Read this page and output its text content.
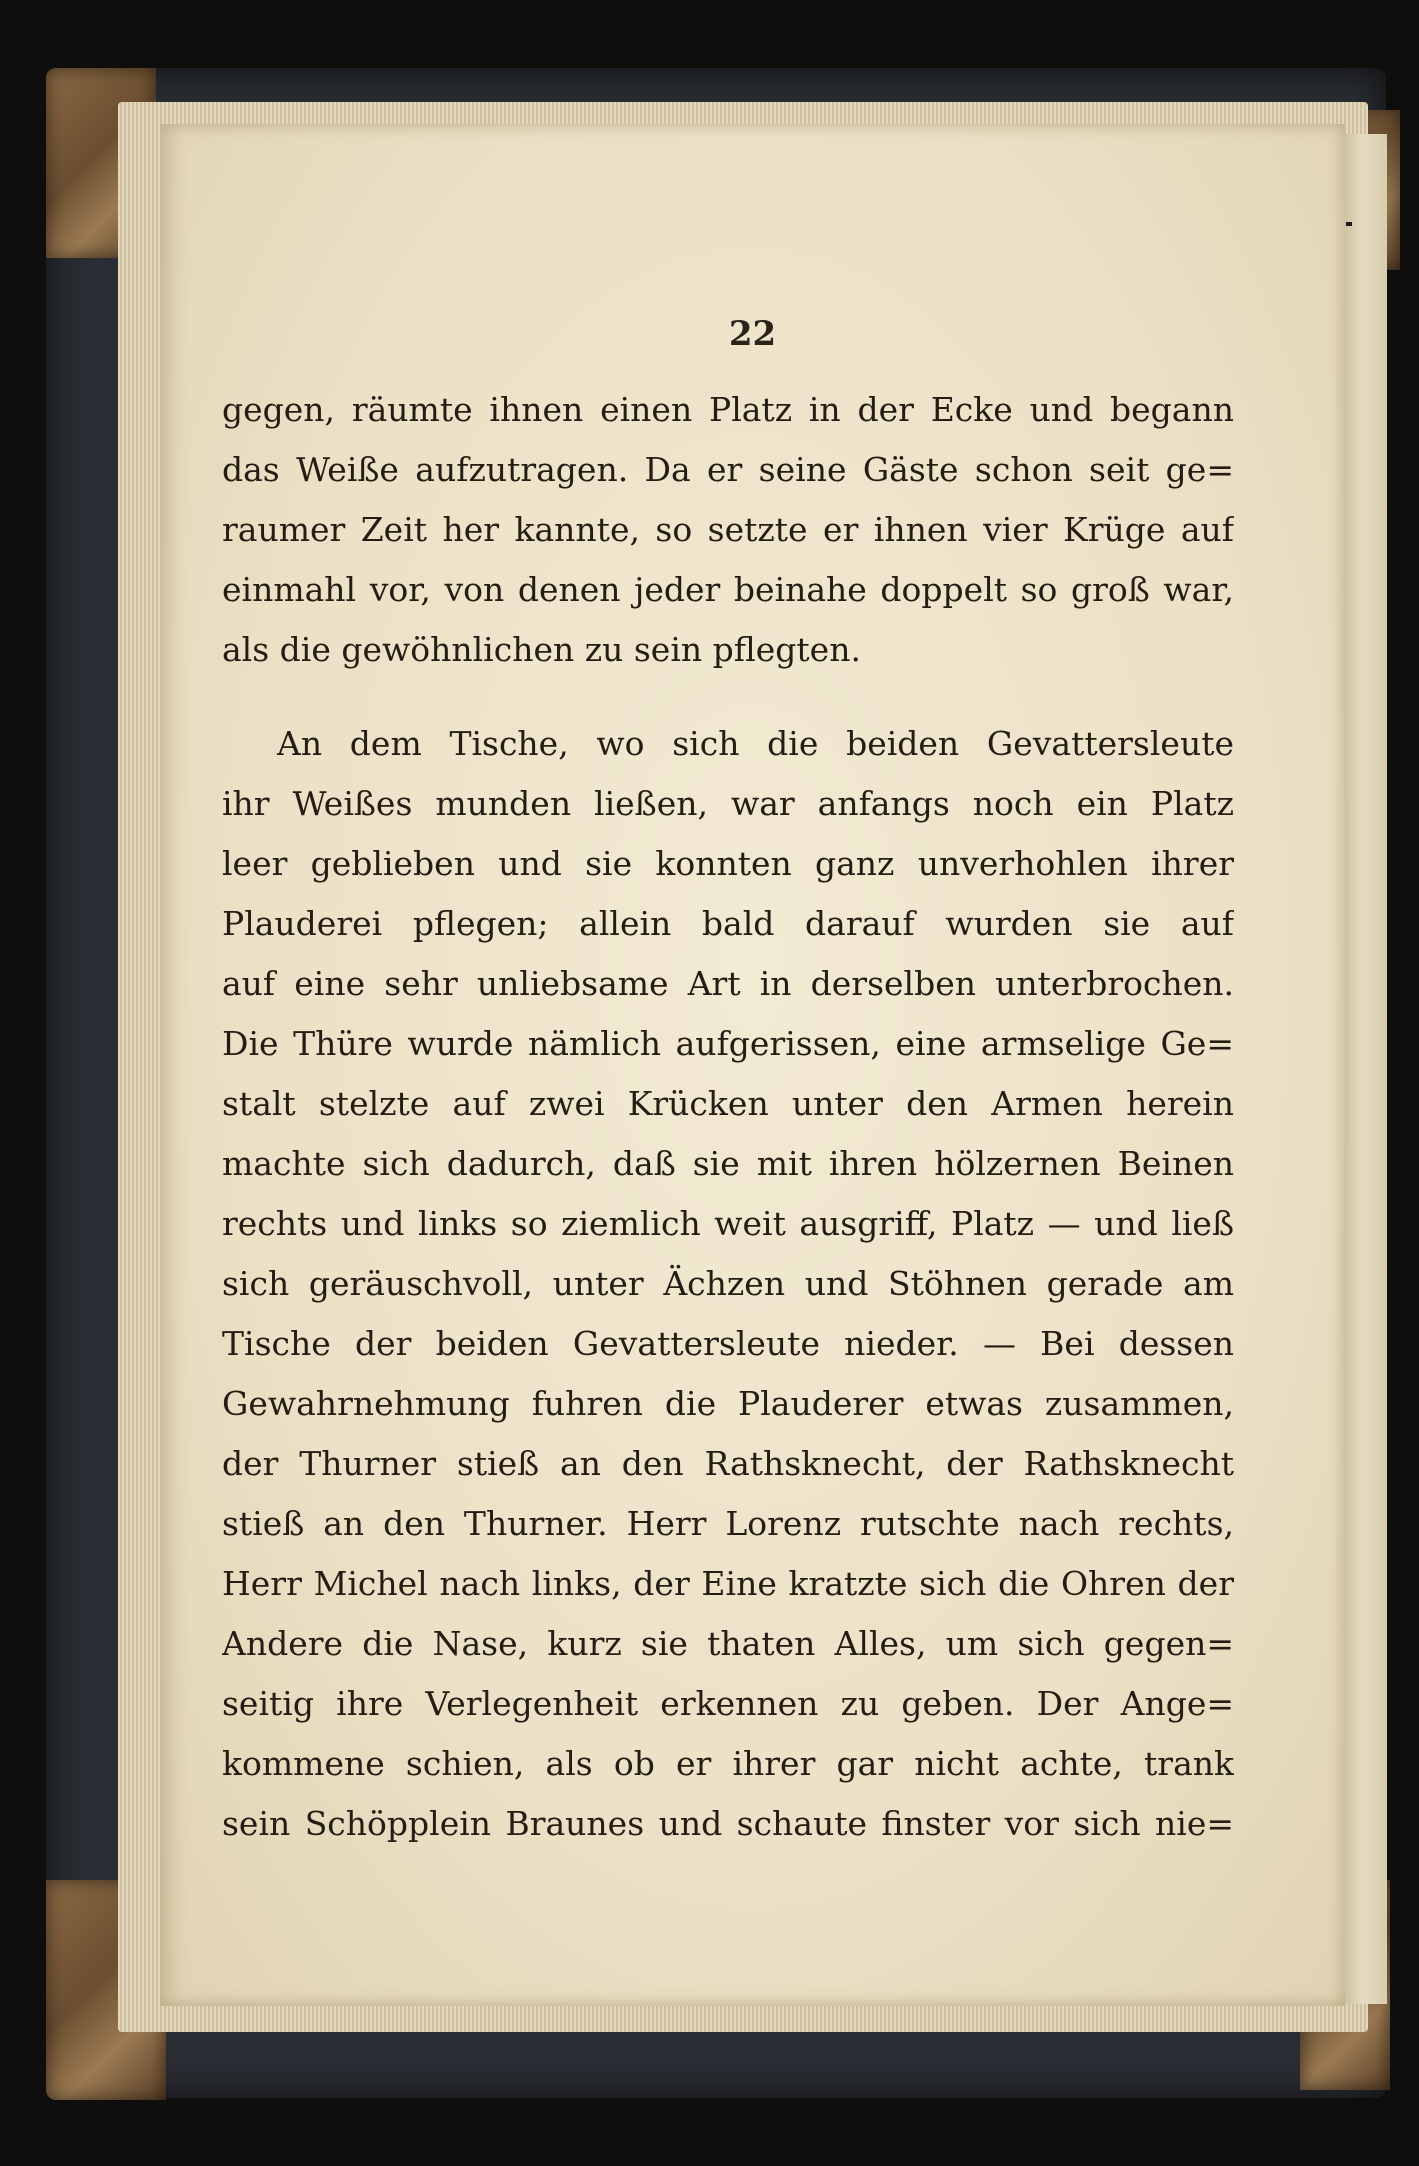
22
gegen, räumte ihnen einen Platz in der Ecke und begann
das Weiße aufzutragen. Da er seine Gäste schon seit ge=
raumer Zeit her kannte, so setzte er ihnen vier Krüge auf
einmahl vor, von denen jeder beinahe doppelt so groß war,
als die gewöhnlichen zu sein pflegten.
An dem Tische, wo sich die beiden Gevattersleute
ihr Weißes munden ließen, war anfangs noch ein Platz
leer geblieben und sie konnten ganz unverhohlen ihrer
Plauderei pflegen; allein bald darauf wurden sie auf
auf eine sehr unliebsame Art in derselben unterbrochen.
Die Thüre wurde nämlich aufgerissen, eine armselige Ge=
stalt stelzte auf zwei Krücken unter den Armen herein
machte sich dadurch, daß sie mit ihren hölzernen Beinen
rechts und links so ziemlich weit ausgriff, Platz — und ließ
sich geräuschvoll, unter Ächzen und Stöhnen gerade am
Tische der beiden Gevattersleute nieder. — Bei dessen
Gewahrnehmung fuhren die Plauderer etwas zusammen,
der Thurner stieß an den Rathsknecht, der Rathsknecht
stieß an den Thurner. Herr Lorenz rutschte nach rechts,
Herr Michel nach links, der Eine kratzte sich die Ohren der
Andere die Nase, kurz sie thaten Alles, um sich gegen=
seitig ihre Verlegenheit erkennen zu geben. Der Ange=
kommene schien, als ob er ihrer gar nicht achte, trank
sein Schöpplein Braunes und schaute finster vor sich nie=
